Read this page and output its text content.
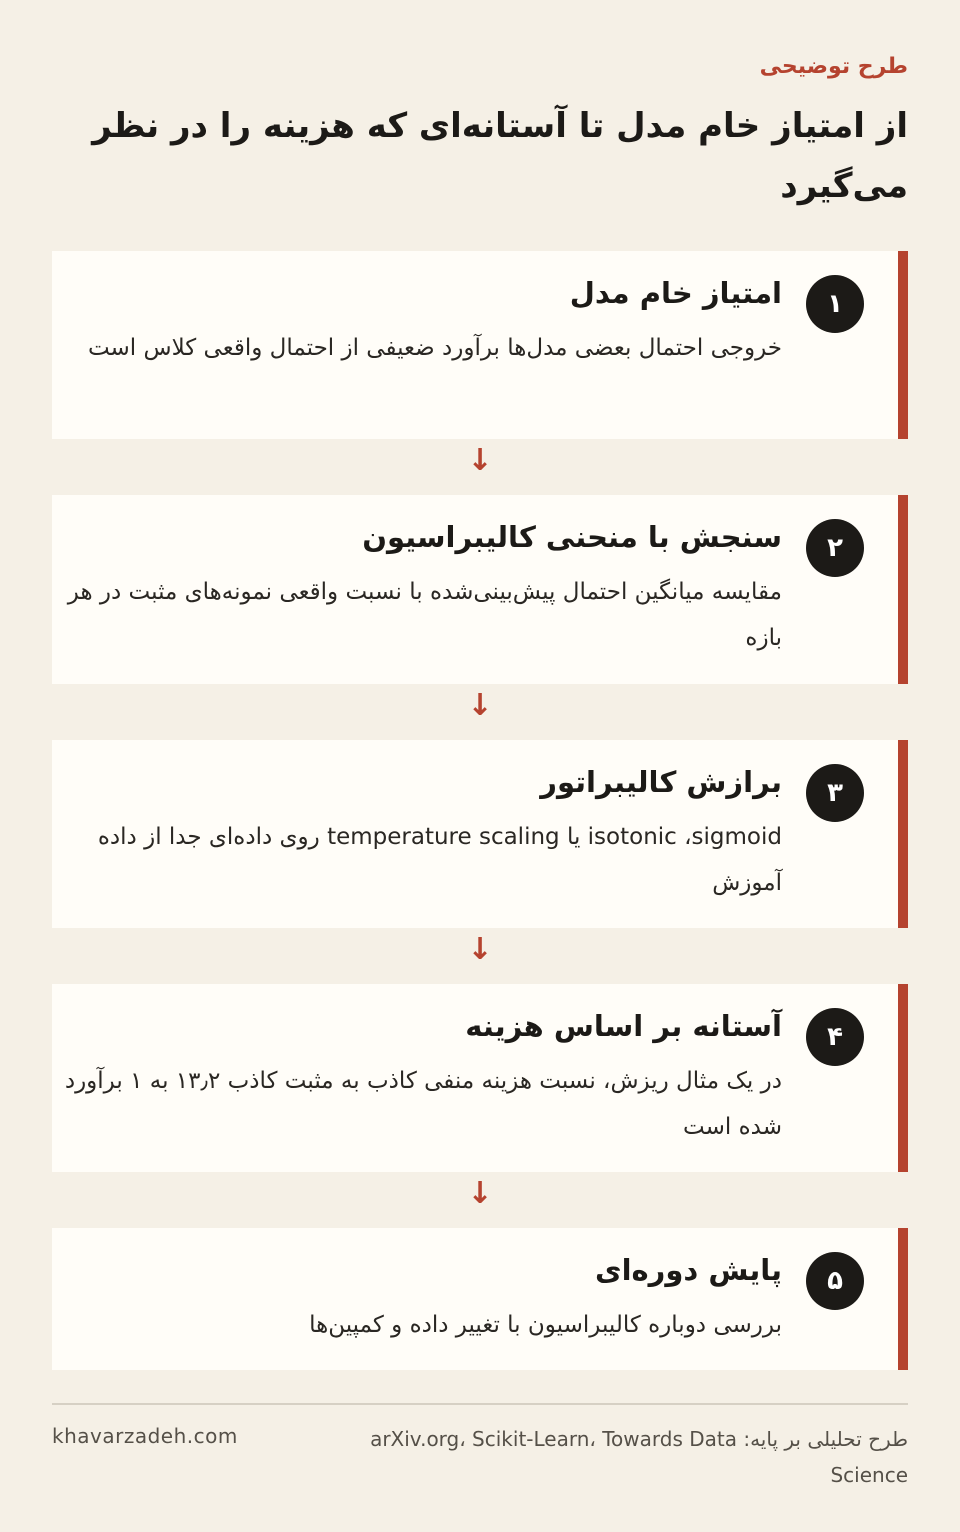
طرح توضیحی
از امتیاز خام مدل تا آستانه‌ای که هزینه را در نظر می‌گیرد
۱
امتیاز خام مدل
خروجی احتمال بعضی مدل‌ها برآورد ضعیفی از احتمال واقعی کلاس است
↓
۲
سنجش با منحنی کالیبراسیون
مقایسه میانگین احتمال پیش‌بینی‌شده با نسبت واقعی نمونه‌های مثبت در هر بازه
↓
۳
برازش کالیبراتور
isotonic ،sigmoid یا temperature scaling روی داده‌ای جدا از داده آموزش
↓
۴
آستانه بر اساس هزینه
در یک مثال ریزش، نسبت هزینه منفی کاذب به مثبت کاذب ۱۳٫۲ به ۱ برآورد شده است
↓
۵
پایش دوره‌ای
بررسی دوباره کالیبراسیون با تغییر داده و کمپین‌ها
khavarzadeh.com	طرح تحلیلی بر پایه: arXiv.org، Scikit-Learn، Towards Data Science
